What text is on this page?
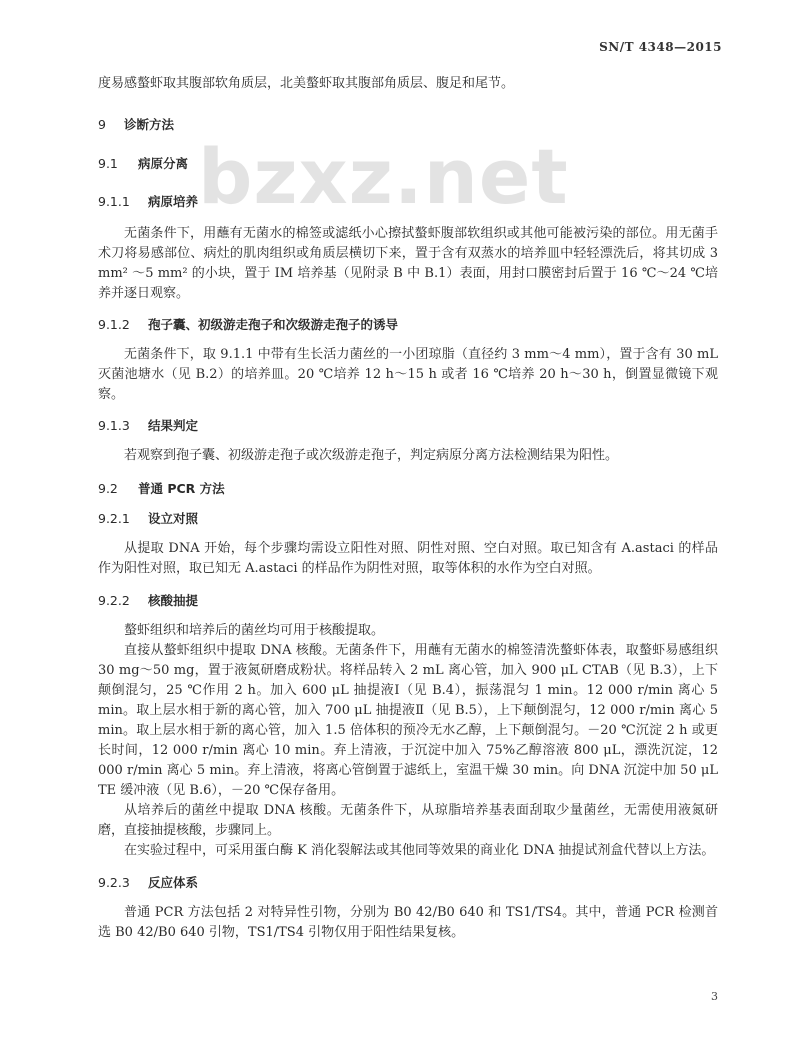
SN/T 4348—2015
bzxz.net

度易感螯虾取其腹部软角质层，北美螯虾取其腹部角质层、腹足和尾节。

9 诊断方法
9.1 病原分离
9.1.1 病原培养

无菌条件下，用蘸有无菌水的棉签或滤纸小心擦拭螯虾腹部软组织或其他可能被污染的部位。用无菌手术刀将易感部位、病灶的肌肉组织或角质层横切下来，置于含有双蒸水的培养皿中轻轻漂洗后，将其切成 3 mm² ～5 mm² 的小块，置于 IM 培养基（见附录 B 中 B.1）表面，用封口膜密封后置于 16 ℃～24 ℃培养并逐日观察。

9.1.2 孢子囊、初级游走孢子和次级游走孢子的诱导

无菌条件下，取 9.1.1 中带有生长活力菌丝的一小团琼脂（直径约 3 mm～4 mm），置于含有 30 mL 灭菌池塘水（见 B.2）的培养皿。20 ℃培养 12 h～15 h 或者 16 ℃培养 20 h～30 h，倒置显微镜下观察。

9.1.3 结果判定

若观察到孢子囊、初级游走孢子或次级游走孢子，判定病原分离方法检测结果为阳性。

9.2 普通 PCR 方法
9.2.1 设立对照

从提取 DNA 开始，每个步骤均需设立阳性对照、阴性对照、空白对照。取已知含有 A.astaci 的样品作为阳性对照，取已知无 A.astaci 的样品作为阴性对照，取等体积的水作为空白对照。

9.2.2 核酸抽提

螯虾组织和培养后的菌丝均可用于核酸提取。

直接从螯虾组织中提取 DNA 核酸。无菌条件下，用蘸有无菌水的棉签清洗螯虾体表，取螯虾易感组织 30 mg～50 mg，置于液氮研磨成粉状。将样品转入 2 mL 离心管，加入 900 μL CTAB（见 B.3），上下颠倒混匀，25 ℃作用 2 h。加入 600 μL 抽提液Ⅰ（见 B.4），振荡混匀 1 min。12 000 r/min 离心 5 min。取上层水相于新的离心管，加入 700 μL 抽提液Ⅱ（见 B.5），上下颠倒混匀，12 000 r/min 离心 5 min。取上层水相于新的离心管，加入 1.5 倍体积的预冷无水乙醇，上下颠倒混匀。－20 ℃沉淀 2 h 或更长时间，12 000 r/min 离心 10 min。弃上清液，于沉淀中加入 75%乙醇溶液 800 μL，漂洗沉淀，12 000 r/min 离心 5 min。弃上清液，将离心管倒置于滤纸上，室温干燥 30 min。向 DNA 沉淀中加 50 μL TE 缓冲液（见 B.6），－20 ℃保存备用。

从培养后的菌丝中提取 DNA 核酸。无菌条件下，从琼脂培养基表面刮取少量菌丝，无需使用液氮研磨，直接抽提核酸，步骤同上。

在实验过程中，可采用蛋白酶 K 消化裂解法或其他同等效果的商业化 DNA 抽提试剂盒代替以上方法。

9.2.3 反应体系

普通 PCR 方法包括 2 对特异性引物，分别为 B0 42/B0 640 和 TS1/TS4。其中，普通 PCR 检测首选 B0 42/B0 640 引物，TS1/TS4 引物仅用于阳性结果复核。

3
